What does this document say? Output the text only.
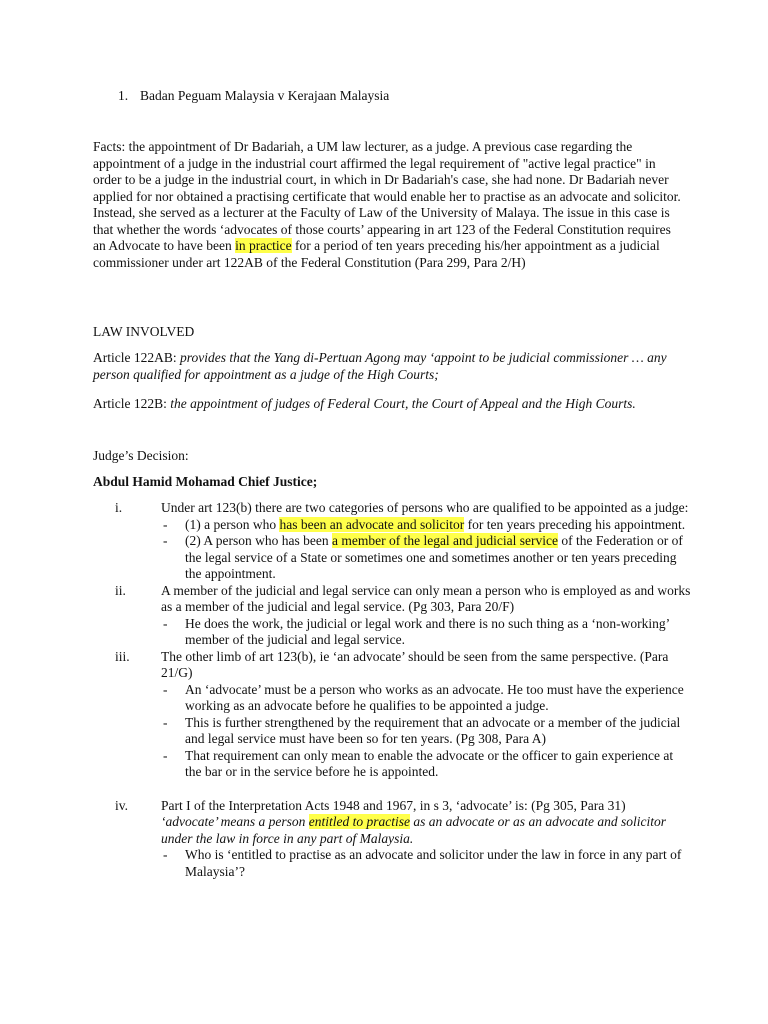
1. Badan Peguam Malaysia v Kerajaan Malaysia

Facts: the appointment of Dr Badariah, a UM law lecturer, as a judge. A previous case regarding the appointment of a judge in the industrial court affirmed the legal requirement of "active legal practice" in order to be a judge in the industrial court, in which in Dr Badariah's case, she had none. Dr Badariah never applied for nor obtained a practising certificate that would enable her to practise as an advocate and solicitor. Instead, she served as a lecturer at the Faculty of Law of the University of Malaya. The issue in this case is that whether the words ‘advocates of those courts’ appearing in art 123 of the Federal Constitution requires an Advocate to have been in practice for a period of ten years preceding his/her appointment as a judicial commissioner under art 122AB of the Federal Constitution (Para 299, Para 2/H)

LAW INVOLVED

Article 122AB: provides that the Yang di-Pertuan Agong may ‘appoint to be judicial commissioner … any person qualified for appointment as a judge of the High Courts;

Article 122B: the appointment of judges of Federal Court, the Court of Appeal and the High Courts.

Judge’s Decision:

Abdul Hamid Mohamad Chief Justice;

i.	Under art 123(b) there are two categories of persons who are qualified to be appointed as a judge:
- (1) a person who has been an advocate and solicitor for ten years preceding his appointment.
- (2) A person who has been a member of the legal and judicial service of the Federation or of the legal service of a State or sometimes one and sometimes another or ten years preceding the appointment.
ii.	A member of the judicial and legal service can only mean a person who is employed as and works as a member of the judicial and legal service. (Pg 303, Para 20/F)
- He does the work, the judicial or legal work and there is no such thing as a ‘non-working’ member of the judicial and legal service.
iii. The other limb of art 123(b), ie ‘an advocate’ should be seen from the same perspective. (Para 21/G)
- An ‘advocate’ must be a person who works as an advocate. He too must have the experience working as an advocate before he qualifies to be appointed a judge.
- This is further strengthened by the requirement that an advocate or a member of the judicial and legal service must have been so for ten years. (Pg 308, Para A)
- That requirement can only mean to enable the advocate or the officer to gain experience at the bar or in the service before he is appointed.
iv. Part I of the Interpretation Acts 1948 and 1967, in s 3, ‘advocate’ is: (Pg 305, Para 31)
‘advocate’ means a person entitled to practise as an advocate or as an advocate and solicitor under the law in force in any part of Malaysia.
- Who is ‘entitled to practise as an advocate and solicitor under the law in force in any part of Malaysia’?
